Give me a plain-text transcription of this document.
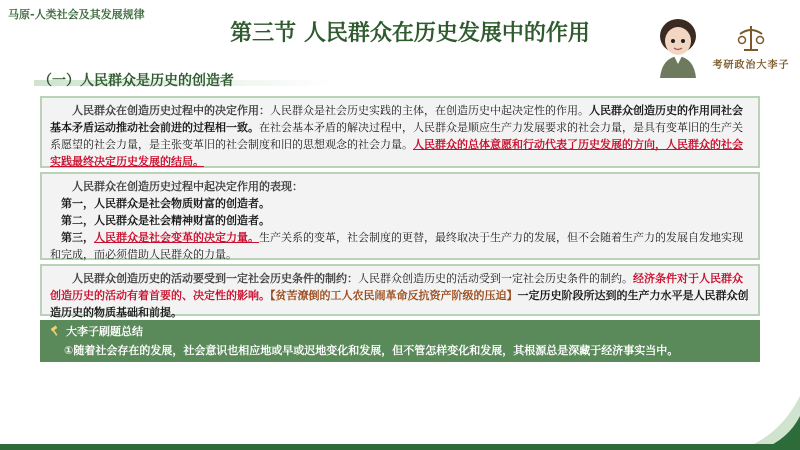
马原-人类社会及其发展规律
第三节 人民群众在历史发展中的作用
考研政治大李子
（一）人民群众是历史的创造者

人民群众在创造历史过程中的决定作用：人民群众是社会历史实践的主体，在创造历史中起决定性的作用。人民群众创造历史的作用同社会基本矛盾运动推动社会前进的过程相一致。在社会基本矛盾的解决过程中，人民群众是顺应生产力发展要求的社会力量，是具有变革旧的生产关系愿望的社会力量，是主张变革旧的社会制度和旧的思想观念的社会力量。人民群众的总体意愿和行动代表了历史发展的方向，人民群众的社会实践最终决定历史发展的结局。

人民群众在创造历史过程中起决定作用的表现：

第一，人民群众是社会物质财富的创造者。
第二，人民群众是社会精神财富的创造者。
第三，人民群众是社会变革的决定力量。生产关系的变革，社会制度的更替，最终取决于生产力的发展，但不会随着生产力的发展自发地实现和完成，而必须借助人民群众的力量。

人民群众创造历史的活动要受到一定社会历史条件的制约：人民群众创造历史的活动受到一定社会历史条件的制约。经济条件对于人民群众创造历史的活动有着首要的、决定性的影响。【贫苦潦倒的工人农民闹革命反抗资产阶级的压迫】一定历史阶段所达到的生产力水平是人民群众创造历史的物质基础和前提。

大李子刷题总结
①随着社会存在的发展，社会意识也相应地或早或迟地变化和发展，但不管怎样变化和发展，其根源总是深藏于经济事实当中。
